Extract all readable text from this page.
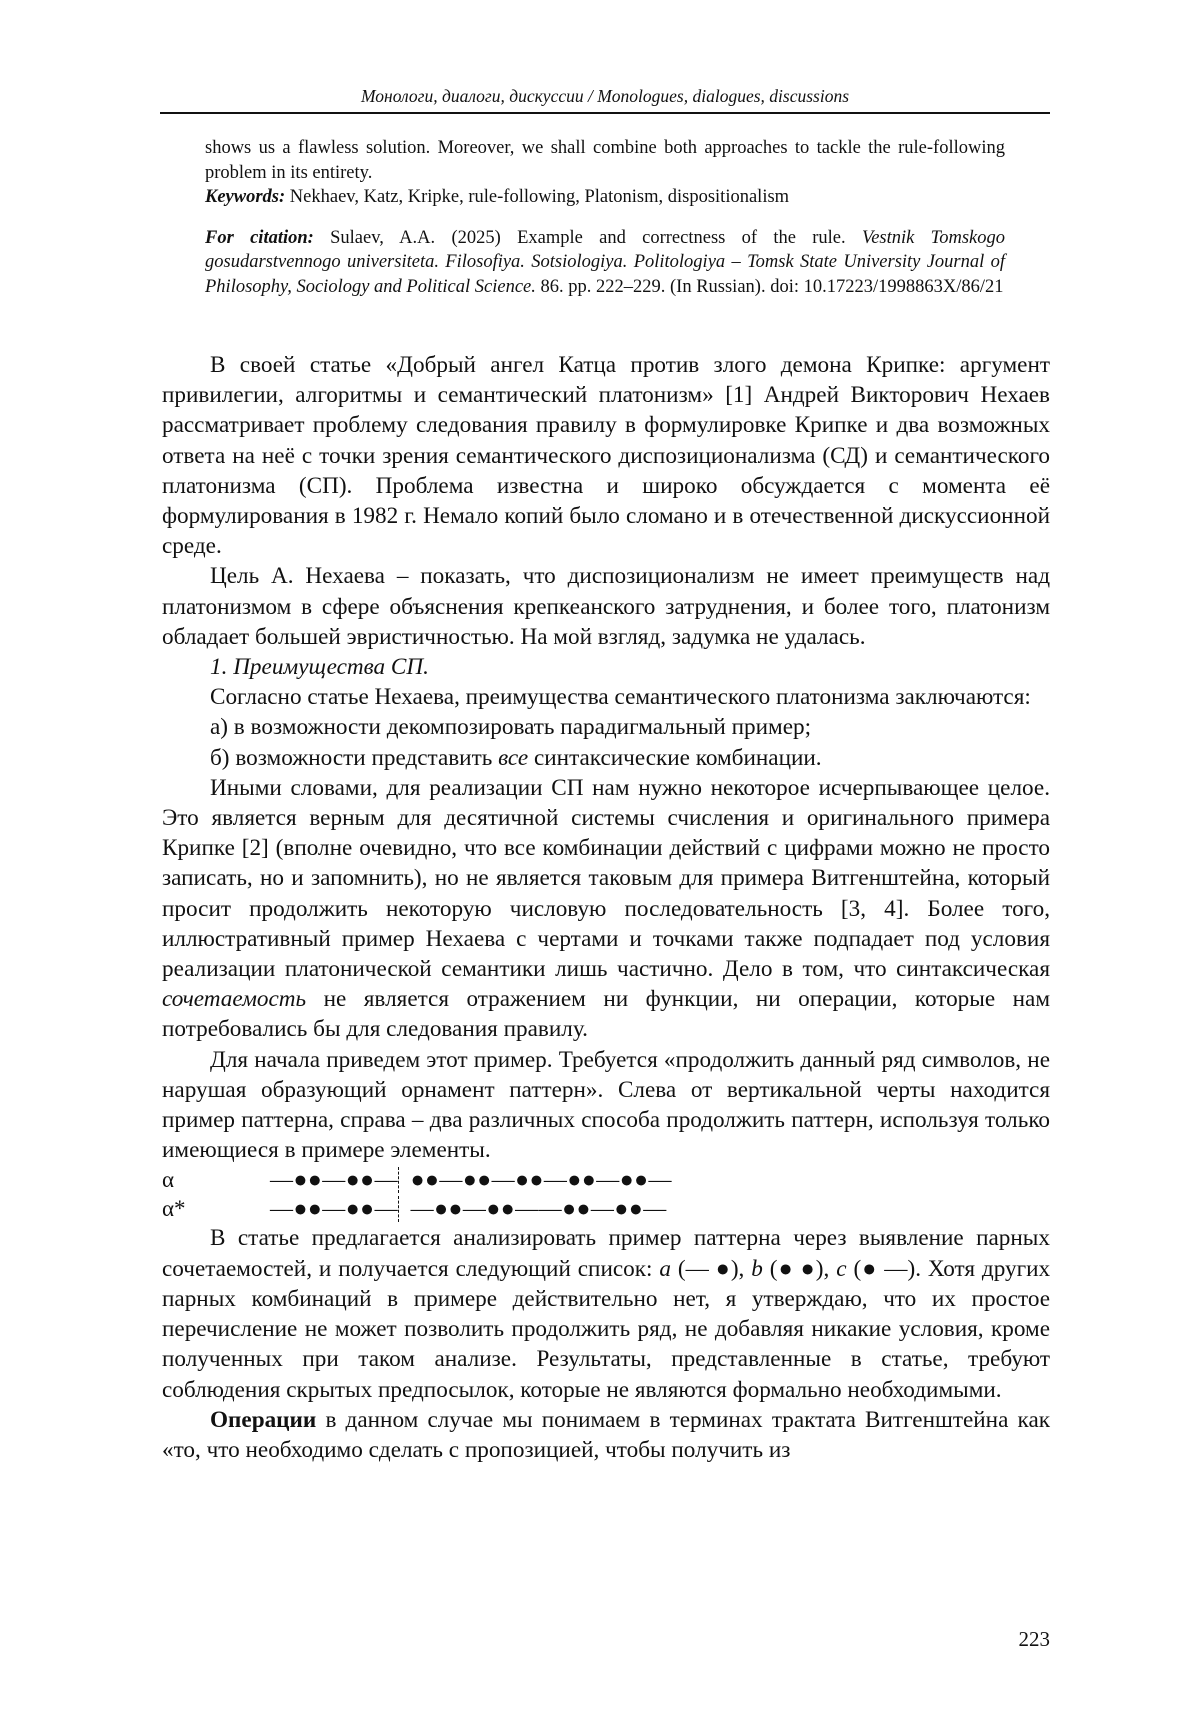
Монологи, диалоги, дискуссии / Monologues, dialogues, discussions

shows us a flawless solution. Moreover, we shall combine both approaches to tackle the rule-following problem in its entirety.

Keywords: Nekhaev, Katz, Kripke, rule-following, Platonism, dispositionalism

For citation: Sulaev, A.A. (2025) Example and correctness of the rule. Vestnik Tomskogo gosudarstvennogo universiteta. Filosofiya. Sotsiologiya. Politologiya – Tomsk State University Journal of Philosophy, Sociology and Political Science. 86. pp. 222–229. (In Russian). doi: 10.17223/1998863X/86/21

В своей статье «Добрый ангел Катца против злого демона Крипке: аргумент привилегии, алгоритмы и семантический платонизм» [1] Андрей Викторович Нехаев рассматривает проблему следования правилу в формулировке Крипке и два возможных ответа на неё с точки зрения семантического диспозиционализма (СД) и семантического платонизма (СП). Проблема известна и широко обсуждается с момента её формулирования в 1982 г. Немало копий было сломано и в отечественной дискуссионной среде.

Цель А. Нехаева – показать, что диспозиционализм не имеет преимуществ над платонизмом в сфере объяснения крепкеанского затруднения, и более того, платонизм обладает большей эвристичностью. На мой взгляд, задумка не удалась.

1. Преимущества СП.

Согласно статье Нехаева, преимущества семантического платонизма заключаются:

а) в возможности декомпозировать парадигмальный пример;

б) возможности представить все синтаксические комбинации.

Иными словами, для реализации СП нам нужно некоторое исчерпывающее целое. Это является верным для десятичной системы счисления и оригинального примера Крипке [2] (вполне очевидно, что все комбинации действий с цифрами можно не просто записать, но и запомнить), но не является таковым для примера Витгенштейна, который просит продолжить некоторую числовую последовательность [3, 4]. Более того, иллюстративный пример Нехаева с чертами и точками также подпадает под условия реализации платонической семантики лишь частично. Дело в том, что синтаксическая сочетаемость не является отражением ни функции, ни операции, которые нам потребовались бы для следования правилу.

Для начала приведем этот пример. Требуется «продолжить данный ряд символов, не нарушая образующий орнамент паттерн». Слева от вертикальной черты находится пример паттерна, справа – два различных способа продолжить паттерн, используя только имеющиеся в примере элементы.

α	—●●—●●— ●●—●●—●●—●●—●●—
α*	—●●—●●— —●●—●●——●●—●●—

В статье предлагается анализировать пример паттерна через выявление парных сочетаемостей, и получается следующий список: a (— ●), b (● ●), c (● —). Хотя других парных комбинаций в примере действительно нет, я утверждаю, что их простое перечисление не может позволить продолжить ряд, не добавляя никакие условия, кроме полученных при таком анализе. Результаты, представленные в статье, требуют соблюдения скрытых предпосылок, которые не являются формально необходимыми.

Операции в данном случае мы понимаем в терминах трактата Витгенштейна как «то, что необходимо сделать с пропозицией, чтобы получить из

223
